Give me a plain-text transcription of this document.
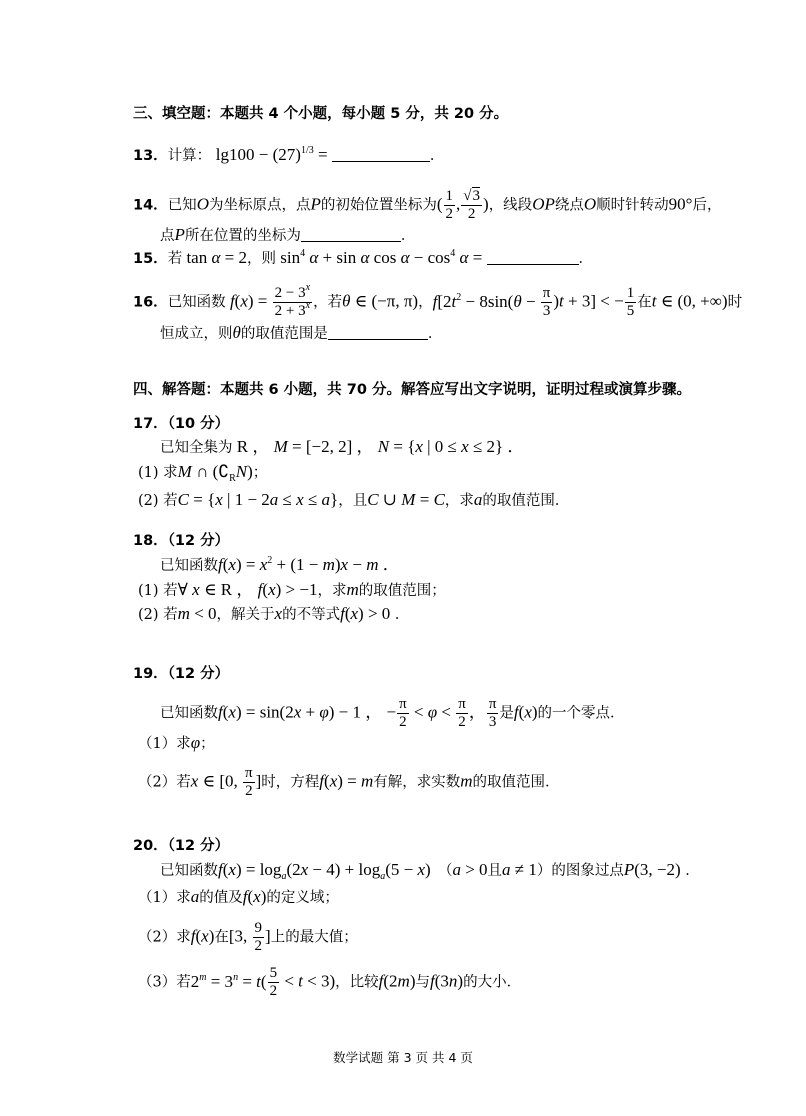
三、填空题：本题共 4 个小题，每小题 5 分，共 20 分。
13．计算： $\lg 100 - (27)^{1/3}$ =	．
14．已知O为坐标原点，点P的初始位置坐标为( $\frac{1}{2}$ , $\frac{√3}{2}$ )，线段OP绕点O顺时针转动90°后，
点P所在位置的坐标为	．
15．若 tan α = 2，则 $\sin^4 \alpha + \sin \alpha$ $\cos \alpha - \cos^4 \alpha$ =	．
16．已知函数 $f(x) = \frac{2 - 3^x}{2 + 3^x}$ ，若θ ∈ (−π, π)，$f[2t^2 - 8\sin(\theta - \frac{\pi}{3} )t + 3]$ < − $\frac{1}{5}$ 在t ∈ (0, +∞)时
恒成立，则θ的取值范围是	．
四、解答题：本题共 6 小题，共 70 分。解答应写出文字说明，证明过程或演算步骤。
17．（10 分）
已知全集为 R ， M = [−2, 2] ， N = {x | 0 ≤ x ≤ 2} ．
(1) 求M ∩ $(∁_RN)$；
(2) 若C = {x | 1 − 2a ≤ x ≤ a}，且C ∪ M = C，求a的取值范围．
18．（12 分）
已知函数$f(x) = x^2 + (1 - m)x - m$ ．
(1) 若∀ x ∈ R ， f(x) > −1，求m的取值范围；
(2) 若m < 0，解关于x的不等式f(x) > 0 ．
19．（12 分）
已知函数f(x) = sin(2x + φ) − 1 ， − $\frac{\pi}{2} < \varphi < \frac{\pi}{2}$ ， $\frac{\pi}{3}$ 是f(x)的一个零点．
（1）求φ；
（2）若x ∈ [0, $\frac{\pi}{2}$ ]时，方程f(x) = m有解，求实数m的取值范围．
20．（12 分）
已知函数$f(x) = \log_a(2x - 4) + \log_a(5 - x)$　 （a > 0且a ≠ 1）的图象过点P(3, −2) ．
（1）求a的值及f(x)的定义域；
（2）求f(x)在[3, $\frac{9}{2}$ ]上的最大值；
（3）若$2^m = 3^n = t( \frac{5}{2} < t < 3)$，比较f(2m)与f(3n)的大小．
数学试题 第 3 页 共 4 页
